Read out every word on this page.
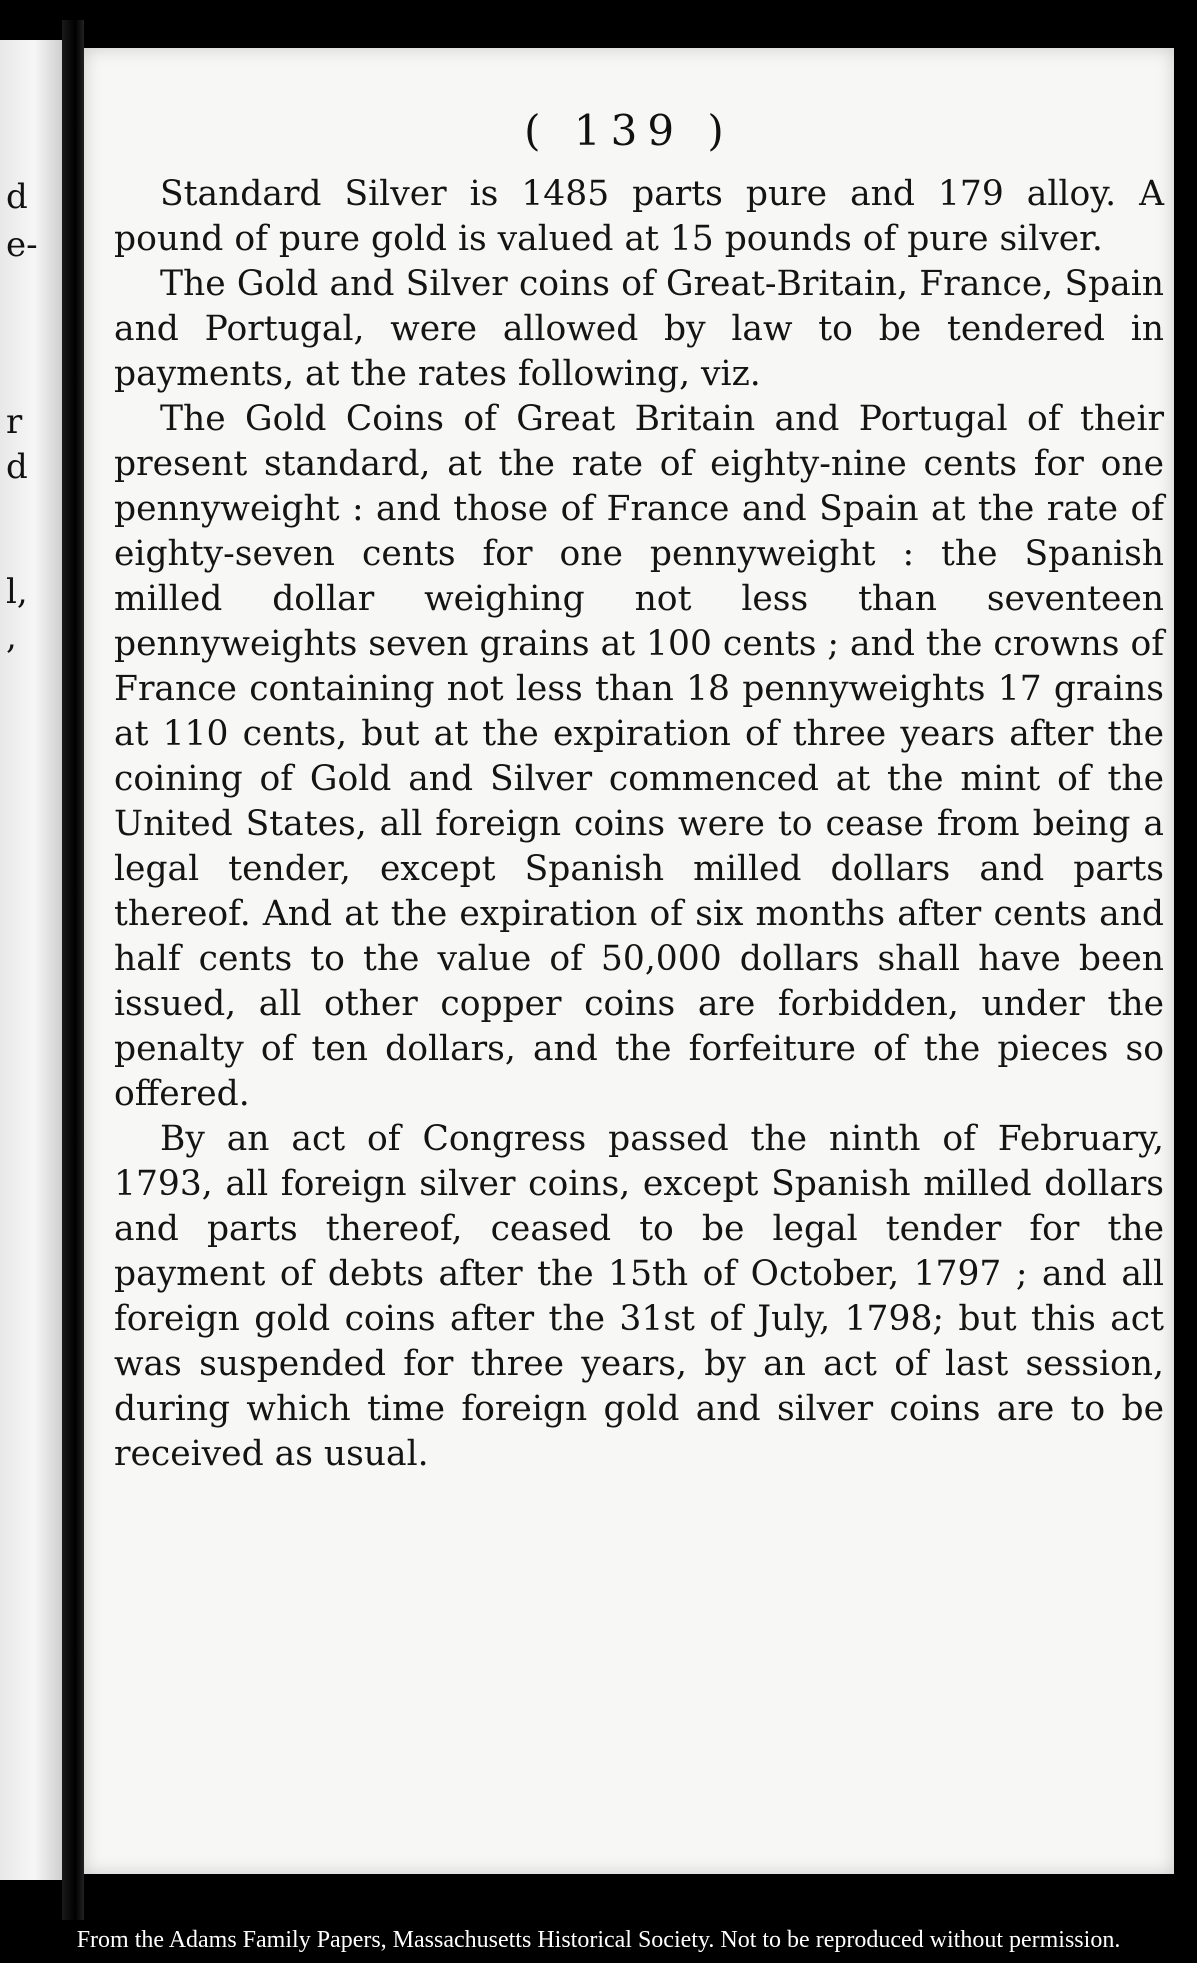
d
e-
r
d
l,
,
( 139 )

Standard Silver is 1485 parts pure and 179 alloy. A pound of pure gold is valued at 15 pounds of pure silver.

The Gold and Silver coins of Great-Britain, France, Spain and Portugal, were allowed by law to be tendered in payments, at the rates following, viz.

The Gold Coins of Great Britain and Portugal of their present standard, at the rate of eighty-nine cents for one pennyweight : and those of France and Spain at the rate of eighty-seven cents for one pennyweight : the Spanish milled dollar weighing not less than seventeen pennyweights seven grains at 100 cents ; and the crowns of France containing not less than 18 pennyweights 17 grains at 110 cents, but at the expiration of three years after the coining of Gold and Silver commenced at the mint of the United States, all foreign coins were to cease from being a legal tender, except Spanish milled dollars and parts thereof. And at the expiration of six months after cents and half cents to the value of 50,000 dollars shall have been issued, all other copper coins are forbidden, under the penalty of ten dollars, and the forfeiture of the pieces so offered.

By an act of Congress passed the ninth of February, 1793, all foreign silver coins, except Spanish milled dollars and parts thereof, ceased to be legal tender for the payment of debts after the 15th of October, 1797 ; and all foreign gold coins after the 31st of July, 1798; but this act was suspended for three years, by an act of last session, during which time foreign gold and silver coins are to be received as usual.

From the Adams Family Papers, Massachusetts Historical Society. Not to be reproduced without permission.
